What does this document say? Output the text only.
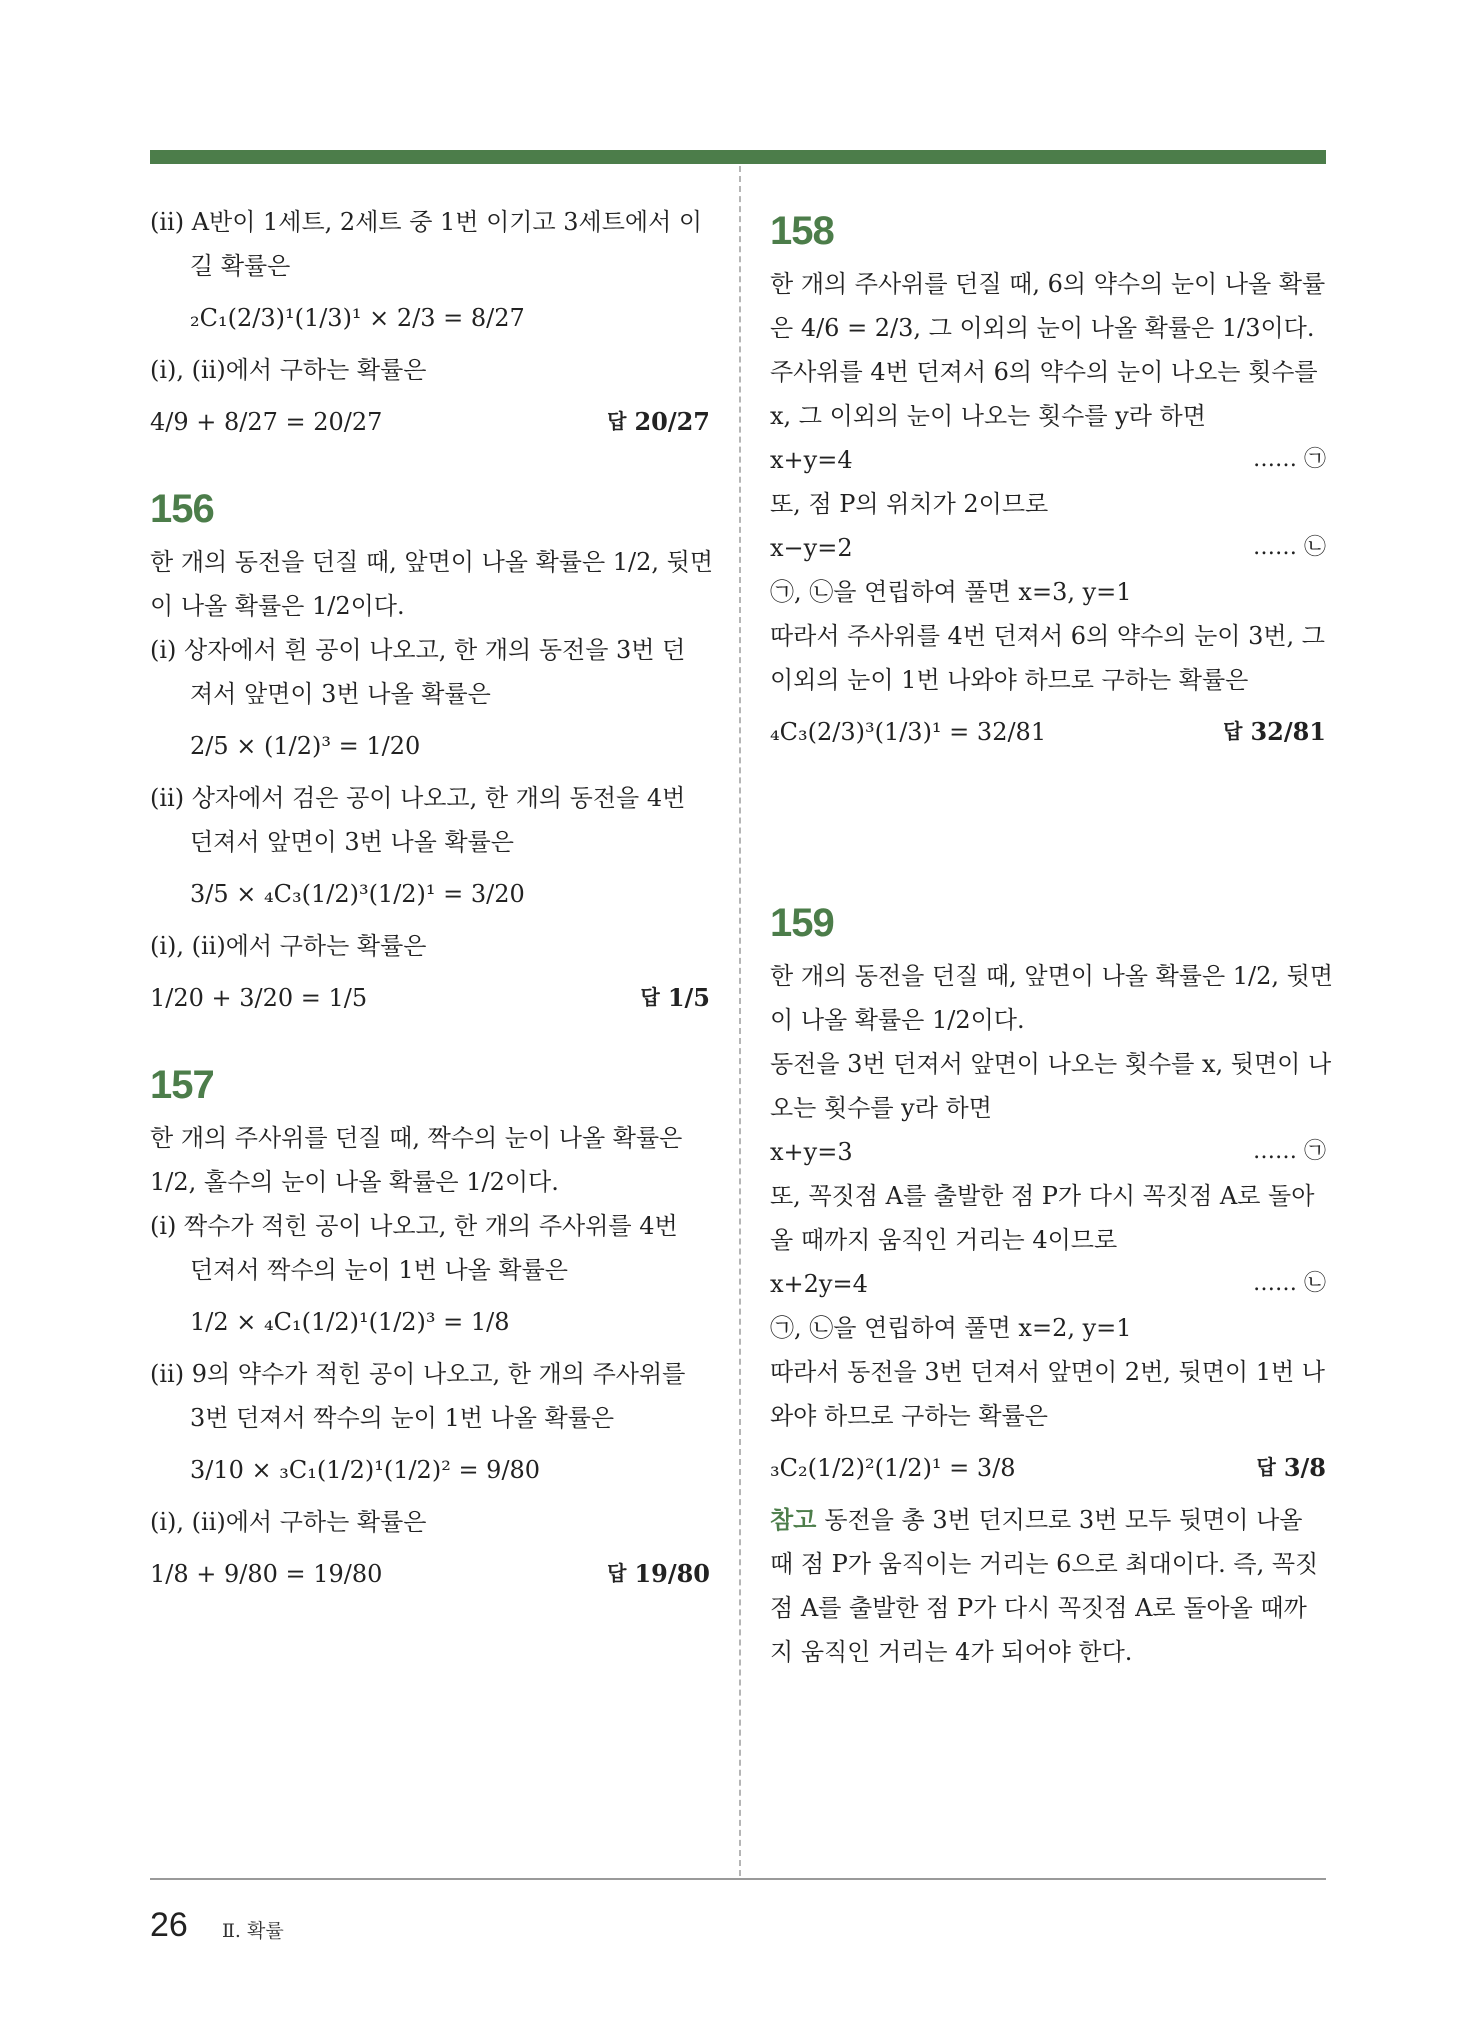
(ⅱ) A반이 1세트, 2세트 중 1번 이기고 3세트에서 이
길 확률은
₂C₁(2/3)¹(1/3)¹ × 2/3 = 8/27
(ⅰ), (ⅱ)에서 구하는 확률은
4/9 + 8/27 = 20/27	답 20/27
156
한 개의 동전을 던질 때, 앞면이 나올 확률은 1/2, 뒷면
이 나올 확률은 1/2이다.
(ⅰ) 상자에서 흰 공이 나오고, 한 개의 동전을 3번 던
져서 앞면이 3번 나올 확률은
2/5 × (1/2)³ = 1/20
(ⅱ) 상자에서 검은 공이 나오고, 한 개의 동전을 4번
던져서 앞면이 3번 나올 확률은
3/5 × ₄C₃(1/2)³(1/2)¹ = 3/20
(ⅰ), (ⅱ)에서 구하는 확률은
1/20 + 3/20 = 1/5	답 1/5
157
한 개의 주사위를 던질 때, 짝수의 눈이 나올 확률은
1/2, 홀수의 눈이 나올 확률은 1/2이다.
(ⅰ) 짝수가 적힌 공이 나오고, 한 개의 주사위를 4번
던져서 짝수의 눈이 1번 나올 확률은
1/2 × ₄C₁(1/2)¹(1/2)³ = 1/8
(ⅱ) 9의 약수가 적힌 공이 나오고, 한 개의 주사위를
3번 던져서 짝수의 눈이 1번 나올 확률은
3/10 × ₃C₁(1/2)¹(1/2)² = 9/80
(ⅰ), (ⅱ)에서 구하는 확률은
1/8 + 9/80 = 19/80	답 19/80
158
한 개의 주사위를 던질 때, 6의 약수의 눈이 나올 확률
은 4/6 = 2/3, 그 이외의 눈이 나올 확률은 1/3이다.
주사위를 4번 던져서 6의 약수의 눈이 나오는 횟수를
x, 그 이외의 눈이 나오는 횟수를 y라 하면
x+y=4	…… ㉠
또, 점 P의 위치가 2이므로
x−y=2	…… ㉡
㉠, ㉡을 연립하여 풀면 x=3, y=1
따라서 주사위를 4번 던져서 6의 약수의 눈이 3번, 그
이외의 눈이 1번 나와야 하므로 구하는 확률은
₄C₃(2/3)³(1/3)¹ = 32/81	답 32/81
159
한 개의 동전을 던질 때, 앞면이 나올 확률은 1/2, 뒷면
이 나올 확률은 1/2이다.
동전을 3번 던져서 앞면이 나오는 횟수를 x, 뒷면이 나
오는 횟수를 y라 하면
x+y=3	…… ㉠
또, 꼭짓점 A를 출발한 점 P가 다시 꼭짓점 A로 돌아
올 때까지 움직인 거리는 4이므로
x+2y=4	…… ㉡
㉠, ㉡을 연립하여 풀면 x=2, y=1
따라서 동전을 3번 던져서 앞면이 2번, 뒷면이 1번 나
와야 하므로 구하는 확률은
₃C₂(1/2)²(1/2)¹ = 3/8	답 3/8
참고 동전을 총 3번 던지므로 3번 모두 뒷면이 나올
때 점 P가 움직이는 거리는 6으로 최대이다. 즉, 꼭짓
점 A를 출발한 점 P가 다시 꼭짓점 A로 돌아올 때까
지 움직인 거리는 4가 되어야 한다.
26 Ⅱ. 확률
